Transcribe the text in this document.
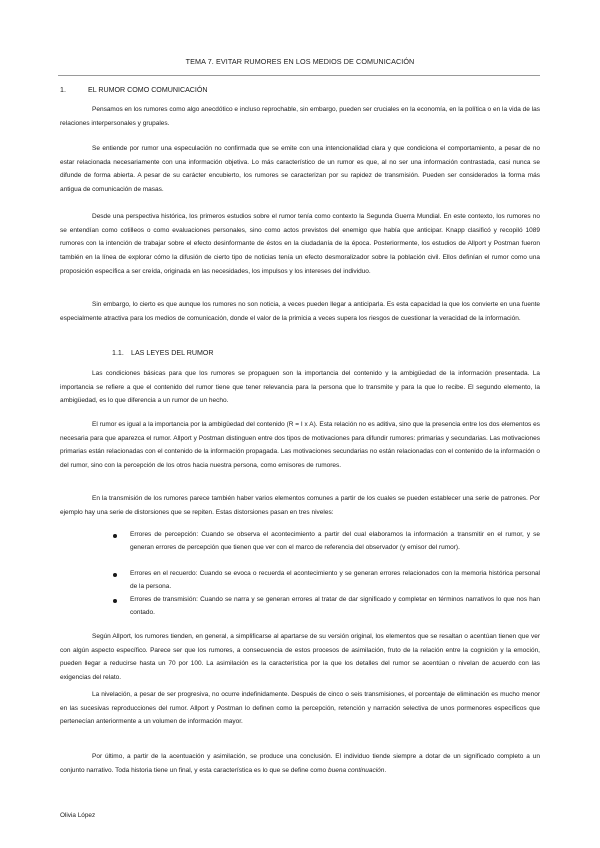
TEMA 7. EVITAR RUMORES EN LOS MEDIOS DE COMUNICACIÓN
1.	EL RUMOR COMO COMUNICACIÓN

Pensamos en los rumores como algo anecdótico e incluso reprochable, sin embargo, pueden ser cruciales en la economía, en la política o en la vida de las relaciones interpersonales y grupales.

Se entiende por rumor una especulación no confirmada que se emite con una intencionalidad clara y que condiciona el comportamiento, a pesar de no estar relacionada necesariamente con una información objetiva. Lo más característico de un rumor es que, al no ser una información contrastada, casi nunca se difunde de forma abierta. A pesar de su carácter encubierto, los rumores se caracterizan por su rapidez de transmisión. Pueden ser considerados la forma más antigua de comunicación de masas.

Desde una perspectiva histórica, los primeros estudios sobre el rumor tenía como contexto la Segunda Guerra Mundial. En este contexto, los rumores no se entendían como cotilleos o como evaluaciones personales, sino como actos previstos del enemigo que había que anticipar. Knapp clasificó y recopiló 1089 rumores con la intención de trabajar sobre el efecto desinformante de éstos en la ciudadanía de la época. Posteriormente, los estudios de Allport y Postman fueron también en la línea de explorar cómo la difusión de cierto tipo de noticias tenía un efecto desmoralizador sobre la población civil. Ellos definían el rumor como una proposición específica a ser creída, originada en las necesidades, los impulsos y los intereses del individuo.

Sin embargo, lo cierto es que aunque los rumores no son noticia, a veces pueden llegar a anticiparla. Es esta capacidad la que los convierte en una fuente especialmente atractiva para los medios de comunicación, donde el valor de la primicia a veces supera los riesgos de cuestionar la veracidad de la información.

1.1. LAS LEYES DEL RUMOR

Las condiciones básicas para que los rumores se propaguen son la importancia del contenido y la ambigüedad de la información presentada. La importancia se refiere a que el contenido del rumor tiene que tener relevancia para la persona que lo transmite y para la que lo recibe. El segundo elemento, la ambigüedad, es lo que diferencia a un rumor de un hecho.

El rumor es igual a la importancia por la ambigüedad del contenido (R = I x A). Esta relación no es aditiva, sino que la presencia entre los dos elementos es necesaria para que aparezca el rumor. Allport y Postman distinguen entre dos tipos de motivaciones para difundir rumores: primarias y secundarias. Las motivaciones primarias están relacionadas con el contenido de la información propagada. Las motivaciones secundarias no están relacionadas con el contenido de la información o del rumor, sino con la percepción de los otros hacia nuestra persona, como emisores de rumores.

En la transmisión de los rumores parece también haber varios elementos comunes a partir de los cuales se pueden establecer una serie de patrones. Por ejemplo hay una serie de distorsiones que se repiten. Estas distorsiones pasan en tres niveles:

Errores de percepción: Cuando se observa el acontecimiento a partir del cual elaboramos la información a transmitir en el rumor, y se generan errores de percepción que tienen que ver con el marco de referencia del observador (y emisor del rumor).
Errores en el recuerdo: Cuando se evoca o recuerda el acontecimiento y se generan errores relacionados con la memoria histórica personal de la persona.
Errores de transmisión: Cuando se narra y se generan errores al tratar de dar significado y completar en términos narrativos lo que nos han contado.

Según Allport, los rumores tienden, en general, a simplificarse al apartarse de su versión original, los elementos que se resaltan o acentúan tienen que ver con algún aspecto específico. Parece ser que los rumores, a consecuencia de estos procesos de asimilación, fruto de la relación entre la cognición y la emoción, pueden llegar a reducirse hasta un 70 por 100. La asimilación es la característica por la que los detalles del rumor se acentúan o nivelan de acuerdo con las exigencias del relato.

La nivelación, a pesar de ser progresiva, no ocurre indefinidamente. Después de cinco o seis transmisiones, el porcentaje de eliminación es mucho menor en las sucesivas reproducciones del rumor. Allport y Postman lo definen como la percepción, retención y narración selectiva de unos pormenores específicos que pertenecían anteriormente a un volumen de información mayor.

Por último, a partir de la acentuación y asimilación, se produce una conclusión. El individuo tiende siempre a dotar de un significado completo a un conjunto narrativo. Toda historia tiene un final, y esta característica es lo que se define como buena continuación.

Olivia López
